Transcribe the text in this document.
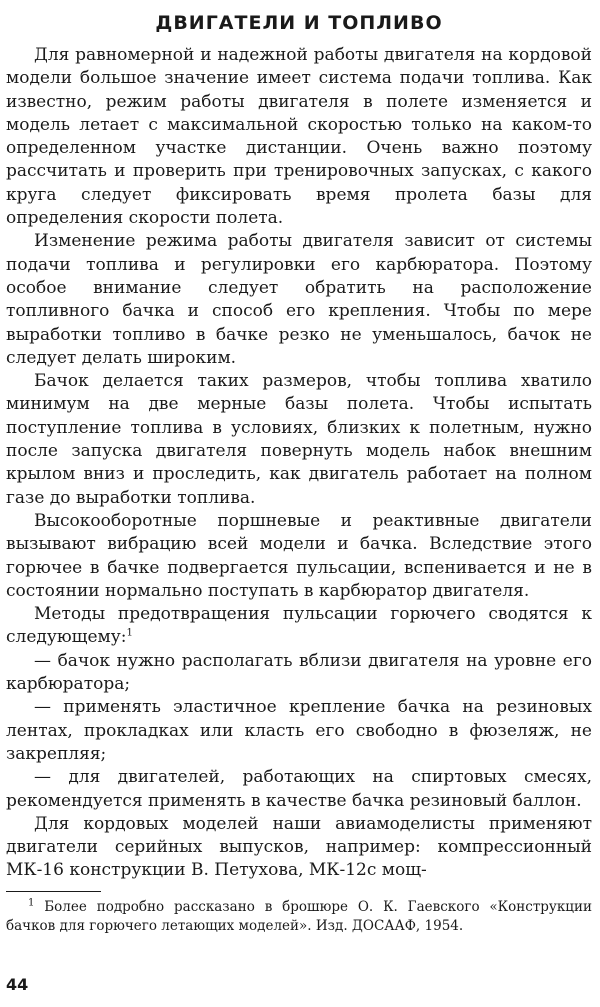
ДВИГАТЕЛИ И ТОПЛИВО

Для равномерной и надежной работы двигателя на кордовой модели большое значение имеет система подачи топлива. Как известно, режим работы двигателя в полете изменяется и модель летает с максимальной скоростью только на каком-то определенном участке дистанции. Очень важно поэтому рассчитать и проверить при тренировочных запусках, с какого круга следует фиксировать время пролета базы для определения скорости полета.

Изменение режима работы двигателя зависит от системы подачи топлива и регулировки его карбюратора. Поэтому особое внимание следует обратить на расположение топливного бачка и способ его крепления. Чтобы по мере выработки топливо в бачке резко не уменьшалось, бачок не следует делать широким.

Бачок делается таких размеров, чтобы топлива хватило минимум на две мерные базы полета. Чтобы испытать поступление топлива в условиях, близких к полетным, нужно после запуска двигателя повернуть модель набок внешним крылом вниз и проследить, как двигатель работает на полном газе до выработки топлива.

Высокооборотные поршневые и реактивные двигатели вызывают вибрацию всей модели и бачка. Вследствие этого горючее в бачке подвергается пульсации, вспенивается и не в состоянии нормально поступать в карбюратор двигателя.

Методы предотвращения пульсации горючего сводятся к следующему:$^1$

— бачок нужно располагать вблизи двигателя на уровне его карбюратора;

— применять эластичное крепление бачка на резиновых лентах, прокладках или класть его свободно в фюзеляж, не закрепляя;

— для двигателей, работающих на спиртовых смесях, рекомендуется применять в качестве бачка резиновый баллон.

Для кордовых моделей наши авиамоделисты применяют двигатели серийных выпусков, например: компрессионный МК-16 конструкции В. Петухова, МК-12с мощ-

$^1$ Более подробно рассказано в брошюре О. К. Гаевского «Конструкции бачков для горючего летающих моделей». Изд. ДОСААФ, 1954.

44
